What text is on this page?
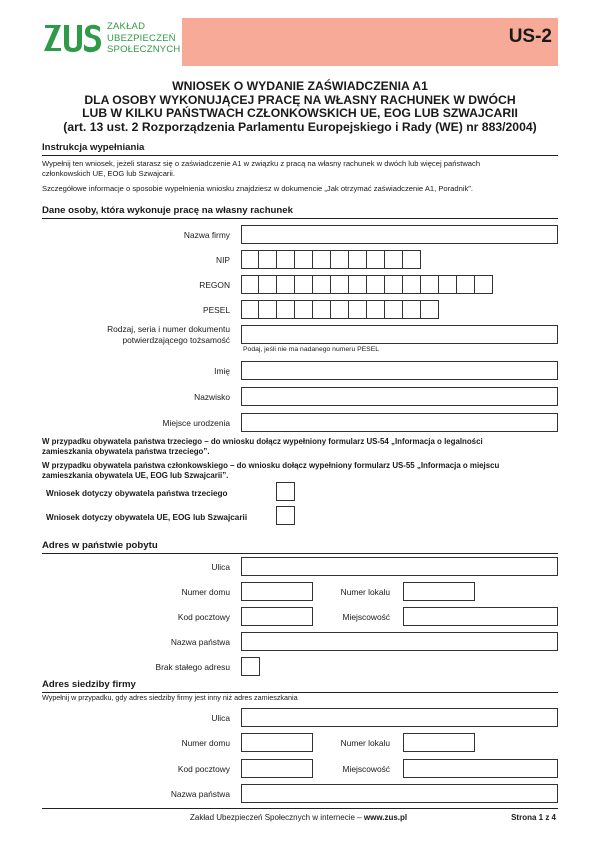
ZAKŁAD
UBEZPIECZEŃ
SPOŁECZNYCH
US-2
WNIOSEK O WYDANIE ZAŚWIADCZENIA A1
DLA OSOBY WYKONUJĄCEJ PRACĘ NA WŁASNY RACHUNEK W DWÓCH
LUB W KILKU PAŃSTWACH CZŁONKOWSKICH UE, EOG LUB SZWAJCARII
(art. 13 ust. 2 Rozporządzenia Parlamentu Europejskiego i Rady (WE) nr 883/2004)
Instrukcja wypełniania
Wypełnij ten wniosek, jeżeli starasz się o zaświadczenie A1 w związku z pracą na własny rachunek w dwóch lub więcej państwach
członkowskich UE, EOG lub Szwajcarii.
Szczegółowe informacje o sposobie wypełnienia wniosku znajdziesz w dokumencie „Jak otrzymać zaświadczenie A1, Poradnik”.
Dane osoby, która wykonuje pracę na własny rachunek
Nazwa firmy
NIP
REGON
PESEL
Rodzaj, seria i numer dokumentu
potwierdzającego tożsamość
Podaj, jeśli nie ma nadanego numeru PESEL
Imię
Nazwisko
Miejsce urodzenia
W przypadku obywatela państwa trzeciego – do wniosku dołącz wypełniony formularz US-54 „Informacja o legalności
zamieszkania obywatela państwa trzeciego”.
W przypadku obywatela państwa członkowskiego – do wniosku dołącz wypełniony formularz US-55 „Informacja o miejscu
zamieszkania obywatela UE, EOG lub Szwajcarii”.
Wniosek dotyczy obywatela państwa trzeciego
Wniosek dotyczy obywatela UE, EOG lub Szwajcarii
Adres w państwie pobytu
Ulica
Numer domu	Numer lokalu
Kod pocztowy	Miejscowość
Nazwa państwa
Brak stałego adresu
Adres siedziby firmy
Wypełnij w przypadku, gdy adres siedziby firmy jest inny niż adres zamieszkania
Ulica
Numer domu	Numer lokalu
Kod pocztowy	Miejscowość
Nazwa państwa
Zakład Ubezpieczeń Społecznych w internecie – www.zus.pl	Strona 1 z 4
